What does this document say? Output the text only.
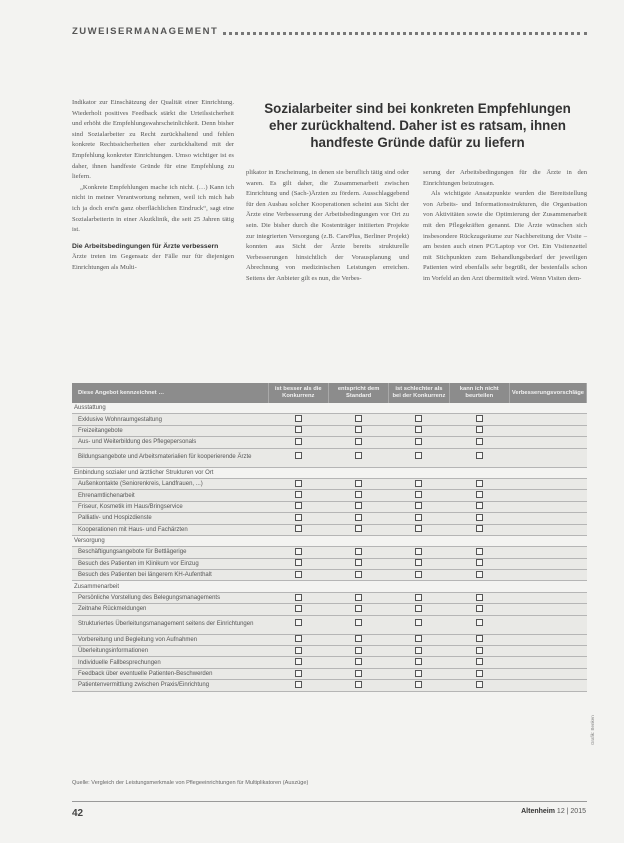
ZUWEISERMANAGEMENT
Sozialarbeiter sind bei konkreten Empfehlungen eher zurückhaltend. Daher ist es ratsam, ihnen handfeste Gründe dafür zu liefern

Indikator zur Einschätzung der Qualität einer Einrichtung. Wiederholt positives Feedback stärkt die Urteilssicherheit und erhöht die Empfehlungswahrscheinlichkeit. Denn bisher sind Sozialarbeiter zu Recht zurückhaltend und fehlen konkrete Rechtssicherheiten eher zurückhaltend mit der Empfehlung konkreter Einrichtungen. Umso wichtiger ist es daher, ihnen handfeste Gründe für eine Empfehlung zu liefern.

„Konkrete Empfehlungen mache ich nicht. (…) Kann ich nicht in meiner Verantwortung nehmen, weil ich mich hab ich ja doch erst'n ganz oberflächlichen Eindruck“, sagt eine Sozialarbeiterin in einer Akutklinik, die seit 25 Jahren tätig ist.

Die Arbeitsbedingungen für Ärzte verbessern

Ärzte treten im Gegensatz der Fälle nur für diejenigen Einrichtungen als Multi-

plikator in Erscheinung, in denen sie beruflich tätig sind oder waren. Es gilt daher, die Zusammenarbeit zwischen Einrichtung und (Sach-)Ärzten zu fördern. Ausschlaggebend für den Ausbau solcher Kooperationen scheint aus Sicht der Ärzte eine Verbesserung der Arbeitsbedingungen vor Ort zu sein. Die bisher durch die Kostenträger initiierten Projekte zur integrierten Versorgung (z.B. CarePlus, Berliner Projekt) konnten aus Sicht der Ärzte bereits strukturelle Verbesserungen hinsichtlich der Vorausplanung und Abrechnung von medizinischen Leistungen erreichen. Seitens der Anbieter gilt es nun, die Verbes-

serung der Arbeitsbedingungen für die Ärzte in den Einrichtungen beizutragen.

Als wichtigste Ansatzpunkte wurden die Bereitstellung von Arbeits- und Informationsstrukturen, die Organisation von Aktivitäten sowie die Optimierung der Zusammenarbeit mit den Pflegekräften genannt. Die Ärzte wünschen sich insbesondere Rückzugsräume zur Nachbereitung der Visite – am besten auch einen PC/Laptop vor Ort. Ein Visitenzettel mit Stichpunkten zum Behandlungsbedarf der jeweiligen Patienten wird ebenfalls sehr begrüßt, der bestenfalls schon im Vorfeld an den Arzt übermittelt wird. Wenn Visiten dem-

Diese Angebot kennzeichnet …	ist besser als die Konkurrenz	entspricht dem Standard	ist schlechter als bei der Konkurrenz	kann ich nicht beurteilen	Verbesserungsvorschläge
Ausstattung					
Exklusive Wohnraumgestaltung					
Freizeitangebote					
Aus- und Weiterbildung des Pflegepersonals					
Bildungsangebote und Arbeitsmaterialien für kooperierende Ärzte					
Einbindung sozialer und ärztlicher Strukturen vor Ort					
Außenkontakte (Seniorenkreis, Landfrauen, ...)					
Ehrenamtlichenarbeit					
Friseur, Kosmetik im Haus/Bringservice					
Palliativ- und Hospizdienste					
Kooperationen mit Haus- und Fachärzten					
Versorgung					
Beschäftigungsangebote für Bettlägerige					
Besuch des Patienten im Klinikum vor Einzug					
Besuch des Patienten bei längerem KH-Aufenthalt					
Zusammenarbeit					
Persönliche Vorstellung des Belegungsmanagements					
Zeitnahe Rückmeldungen					
Strukturiertes Überleitungsmanagement seitens der Einrichtungen					
Vorbereitung und Begleitung von Aufnahmen					
Überleitungsinformationen					
Individuelle Fallbesprechungen					
Feedback über eventuelle Patienten-Beschwerden					
Patientenvermittlung zwischen Praxis/Einrichtung					
Quelle: Vergleich der Leistungsmerkmale von Pflegeeinrichtungen für Multiplikatoren (Auszüge)
Grafik: Benken
42	Altenheim 12 | 2015
